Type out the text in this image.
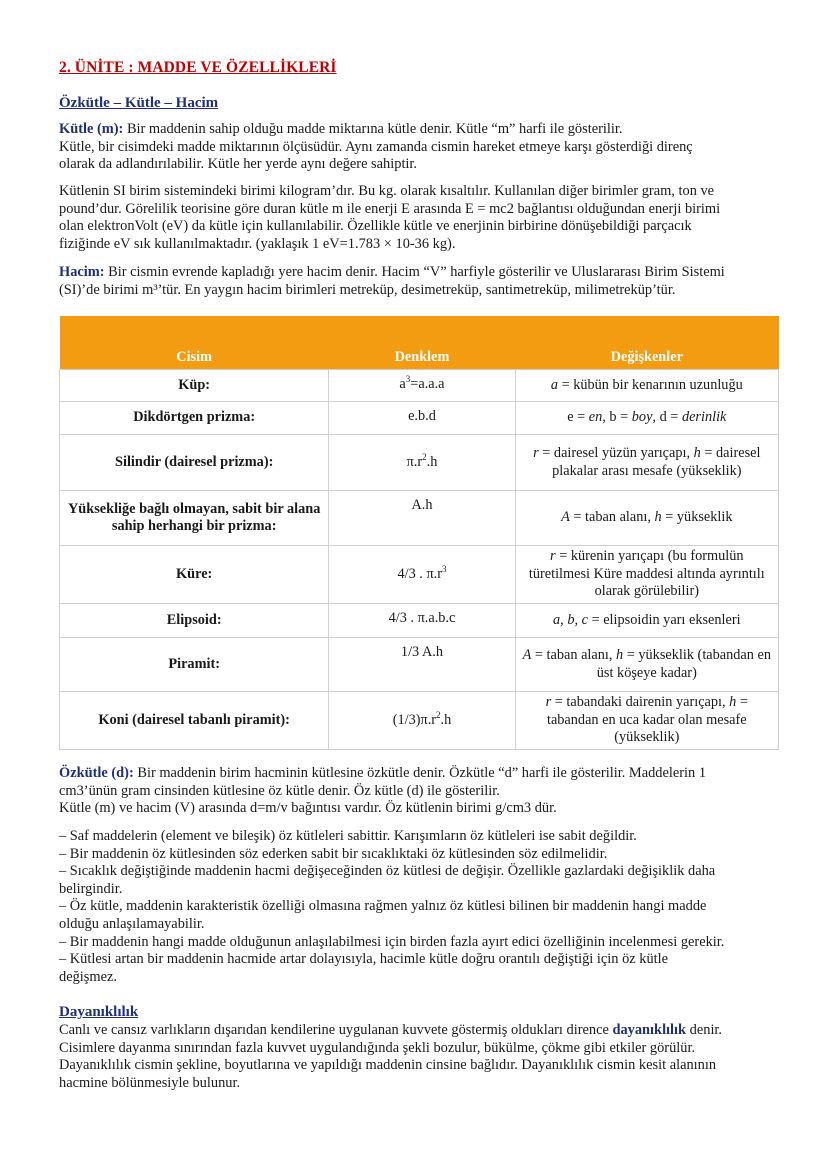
2. ÜNİTE : MADDE VE ÖZELLİKLERİ
Özkütle – Kütle – Hacim

Kütle (m): Bir maddenin sahip olduğu madde miktarına kütle denir. Kütle “m” harfi ile gösterilir.
Kütle, bir cisimdeki madde miktarının ölçüsüdür. Aynı zamanda cismin hareket etmeye karşı gösterdiği direnç
olarak da adlandırılabilir. Kütle her yerde aynı değere sahiptir.

Kütlenin SI birim sistemindeki birimi kilogram’dır. Bu kg. olarak kısaltılır. Kullanılan diğer birimler gram, ton ve
pound’dur. Görelilik teorisine göre duran kütle m ile enerji E arasında E = mc2 bağlantısı olduğundan enerji birimi
olan elektronVolt (eV) da kütle için kullanılabilir. Özellikle kütle ve enerjinin birbirine dönüşebildiği parçacık
fiziğinde eV sık kullanılmaktadır. (yaklaşık 1 eV=1.783 × 10-36 kg).

Hacim: Bir cismin evrende kapladığı yere hacim denir. Hacim “V” harfiyle gösterilir ve Uluslararası Birim Sistemi
(SI)’de birimi m³’tür. En yaygın hacim birimleri metreküp, desimetreküp, santimetreküp, milimetreküp’tür.

Cisim	Denklem	Değişkenler
Küp:	$a^3=a.a.a$	a = kübün bir kenarının uzunluğu
Dikdörtgen prizma:	e.b.d	e = en, b = boy, d = derinlik
Silindir (dairesel prizma):	$\pi.r^2.h$	r = dairesel yüzün yarıçapı, h = dairesel plakalar arası mesafe (yükseklik)
Yüksekliğe bağlı olmayan, sabit bir alana sahip herhangi bir prizma:	A.h	A = taban alanı, h = yükseklik
Küre:	4/3 . $\pi.r^3$	r = kürenin yarıçapı (bu formulün türetilmesi Küre maddesi altında ayrıntılı olarak görülebilir)
Elipsoid:	4/3 . π.a.b.c	a, b, c = elipsoidin yarı eksenleri
Piramit:	1/3 A.h	A = taban alanı, h = yükseklik (tabandan en üst köşeye kadar)
Koni (dairesel tabanlı piramit):	$(1/3)\pi.r^2.h$	r = tabandaki dairenin yarıçapı, h = tabandan en uca kadar olan mesafe (yükseklik)

Özkütle (d): Bir maddenin birim hacminin kütlesine özkütle denir. Özkütle “d” harfi ile gösterilir. Maddelerin 1
cm3’ünün gram cinsinden kütlesine öz kütle denir. Öz kütle (d) ile gösterilir.
Kütle (m) ve hacim (V) arasında d=m/v bağıntısı vardır. Öz kütlenin birimi g/cm3 dür.

– Saf maddelerin (element ve bileşik) öz kütleleri sabittir. Karışımların öz kütleleri ise sabit değildir.
– Bir maddenin öz kütlesinden söz ederken sabit bir sıcaklıktaki öz kütlesinden söz edilmelidir.
– Sıcaklık değiştiğinde maddenin hacmi değişeceğinden öz kütlesi de değişir. Özellikle gazlardaki değişiklik daha
belirgindir.
– Öz kütle, maddenin karakteristik özelliği olmasına rağmen yalnız öz kütlesi bilinen bir maddenin hangi madde
olduğu anlaşılamayabilir.
– Bir maddenin hangi madde olduğunun anlaşılabilmesi için birden fazla ayırt edici özelliğinin incelenmesi gerekir.
– Kütlesi artan bir maddenin hacmide artar dolayısıyla, hacimle kütle doğru orantılı değiştiği için öz kütle
değişmez.

Dayanıklılık

Canlı ve cansız varlıkların dışarıdan kendilerine uygulanan kuvvete göstermiş oldukları dirence dayanıklılık denir.
Cisimlere dayanma sınırından fazla kuvvet uygulandığında şekli bozulur, bükülme, çökme gibi etkiler görülür.
Dayanıklılık cismin şekline, boyutlarına ve yapıldığı maddenin cinsine bağlıdır. Dayanıklılık cismin kesit alanının
hacmine bölünmesiyle bulunur.
